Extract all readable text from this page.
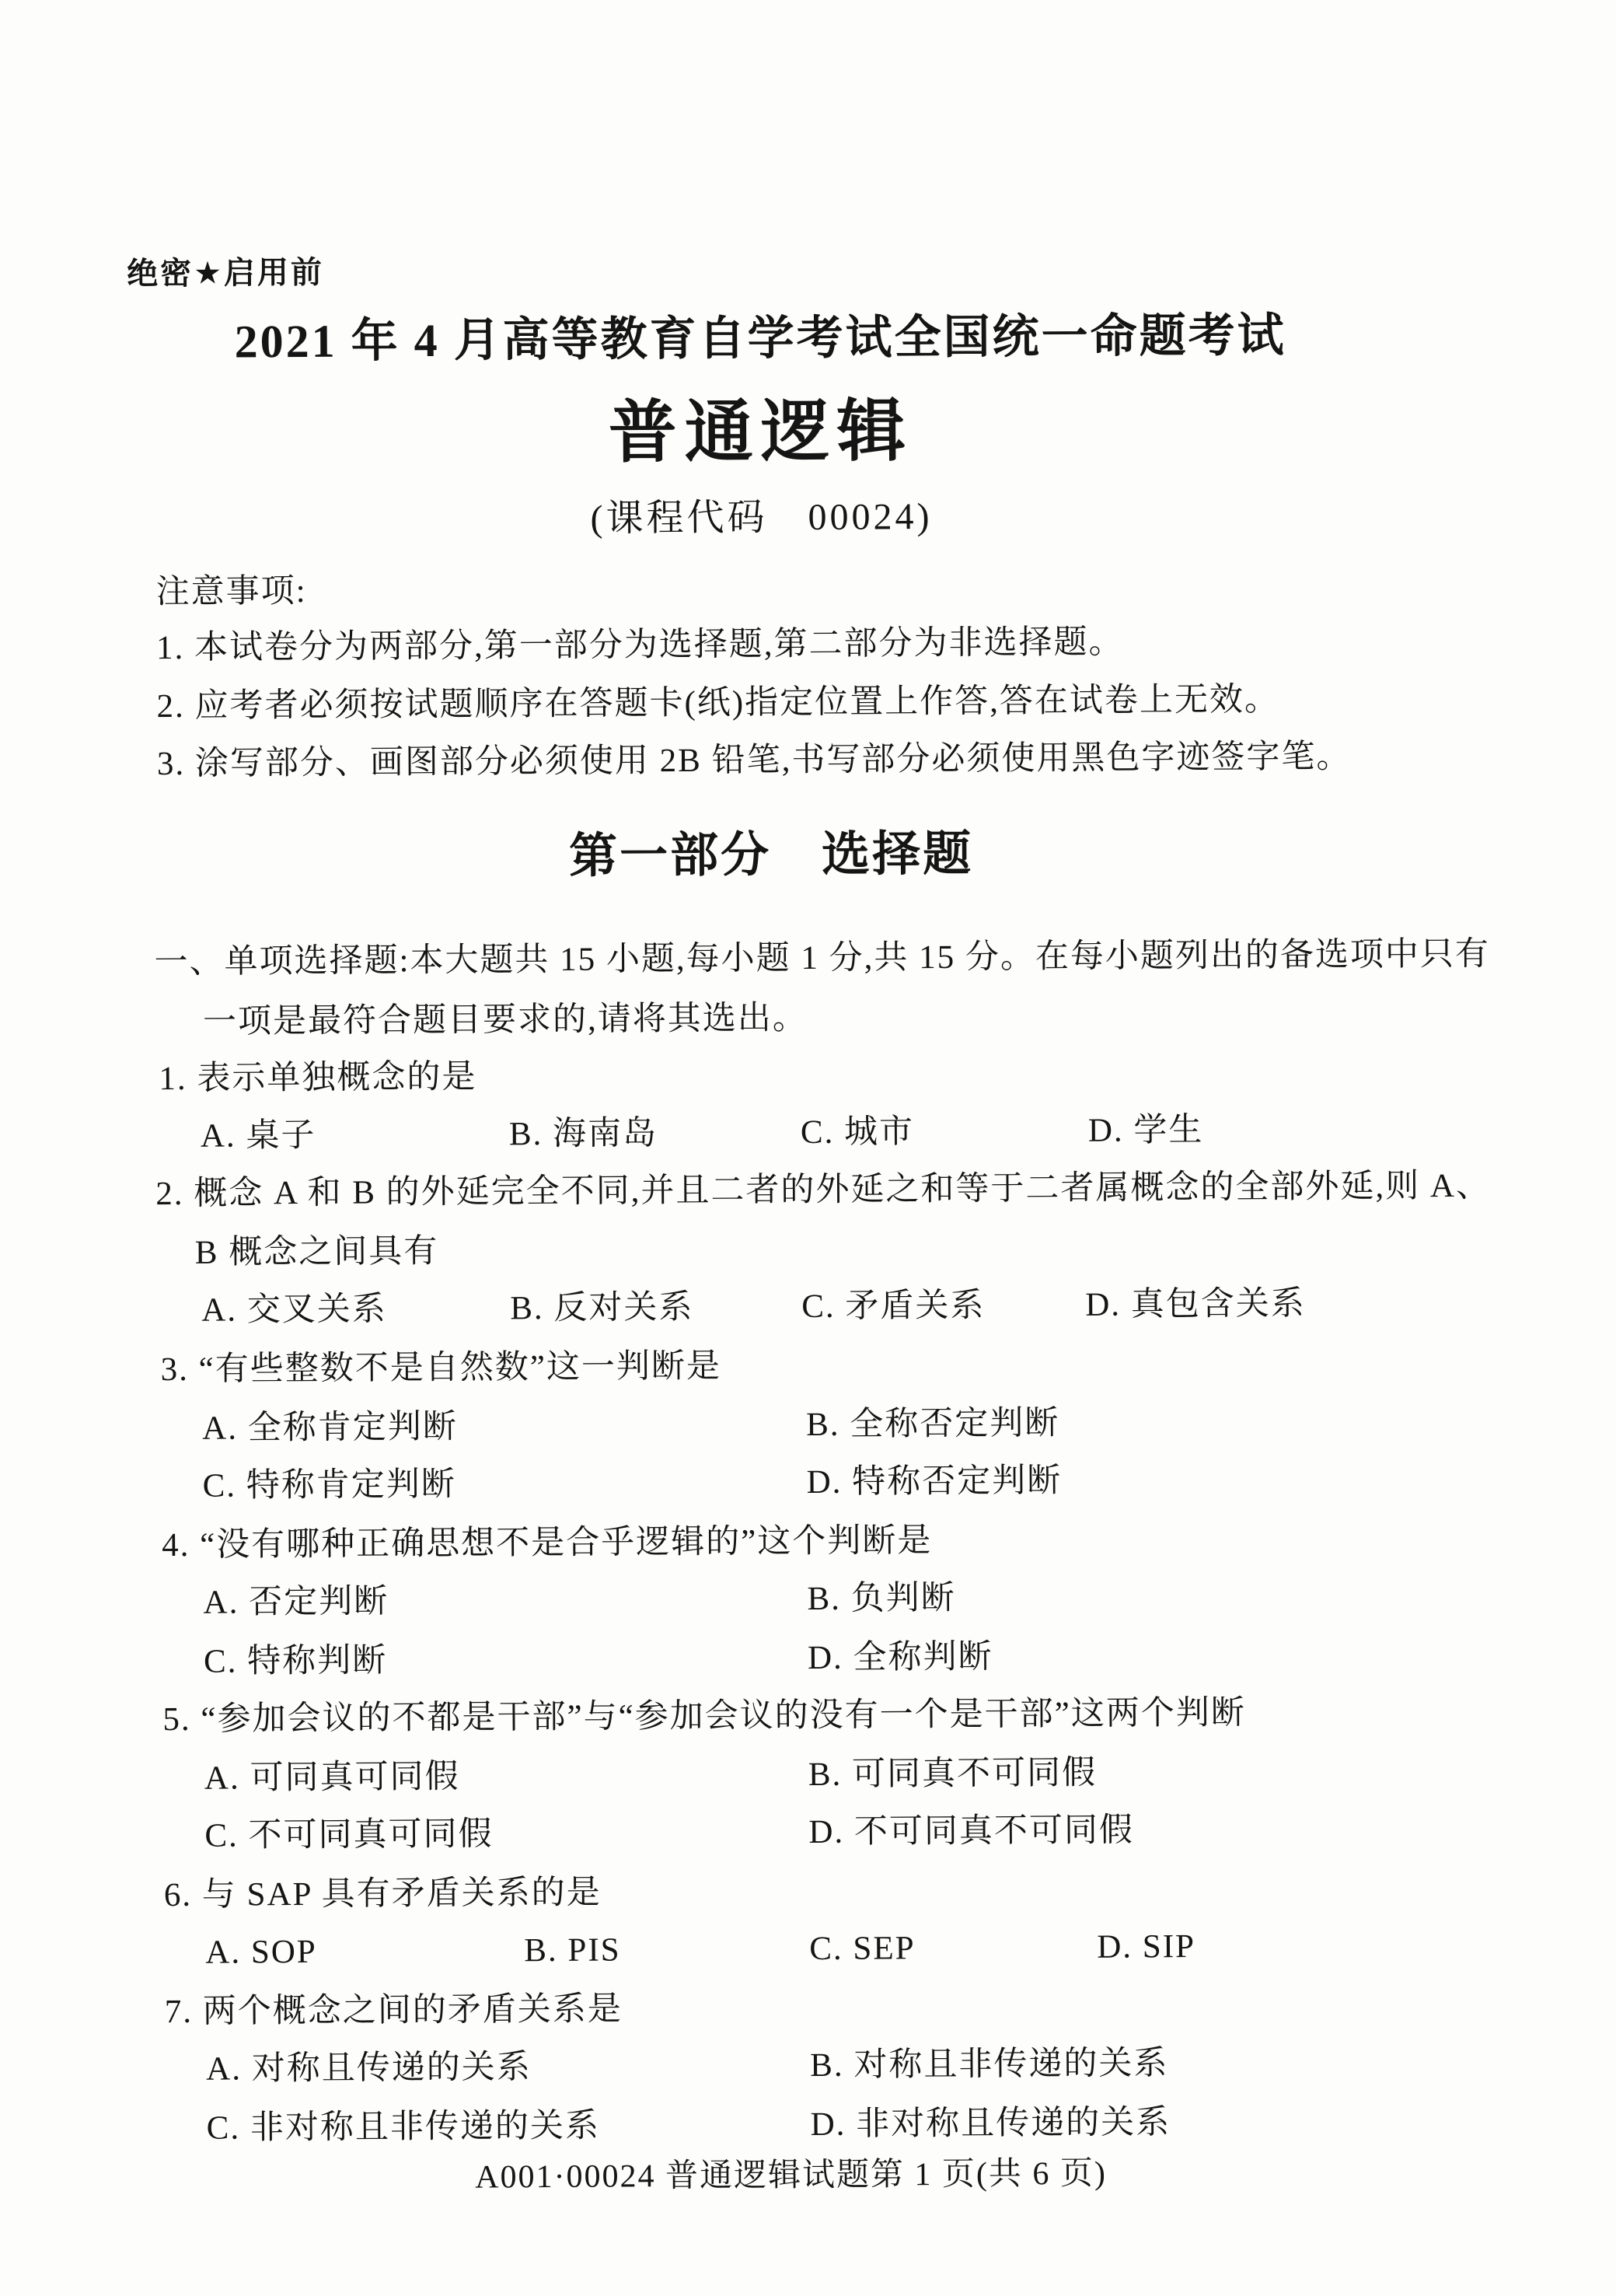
绝密★启用前
2021 年 4 月高等教育自学考试全国统一命题考试
普通逻辑
(课程代码　00024)
注意事项:
1. 本试卷分为两部分,第一部分为选择题,第二部分为非选择题。
2. 应考者必须按试题顺序在答题卡(纸)指定位置上作答,答在试卷上无效。
3. 涂写部分、画图部分必须使用 2B 铅笔,书写部分必须使用黑色字迹签字笔。
第一部分　选择题
一、单项选择题:本大题共 15 小题,每小题 1 分,共 15 分。在每小题列出的备选项中只有
一项是最符合题目要求的,请将其选出。
1. 表示单独概念的是
A. 桌子	B. 海南岛	C. 城市	D. 学生
2. 概念 A 和 B 的外延完全不同,并且二者的外延之和等于二者属概念的全部外延,则 A、
B 概念之间具有
A. 交叉关系	B. 反对关系	C. 矛盾关系	D. 真包含关系
3. “有些整数不是自然数”这一判断是
A. 全称肯定判断	B. 全称否定判断
C. 特称肯定判断	D. 特称否定判断
4. “没有哪种正确思想不是合乎逻辑的”这个判断是
A. 否定判断	B. 负判断
C. 特称判断	D. 全称判断
5. “参加会议的不都是干部”与“参加会议的没有一个是干部”这两个判断
A. 可同真可同假	B. 可同真不可同假
C. 不可同真可同假	D. 不可同真不可同假
6. 与 SAP 具有矛盾关系的是
A. SOP	B. PIS	C. SEP	D. SIP
7. 两个概念之间的矛盾关系是
A. 对称且传递的关系	B. 对称且非传递的关系
C. 非对称且非传递的关系	D. 非对称且传递的关系
A001·00024 普通逻辑试题第 1 页(共 6 页)
